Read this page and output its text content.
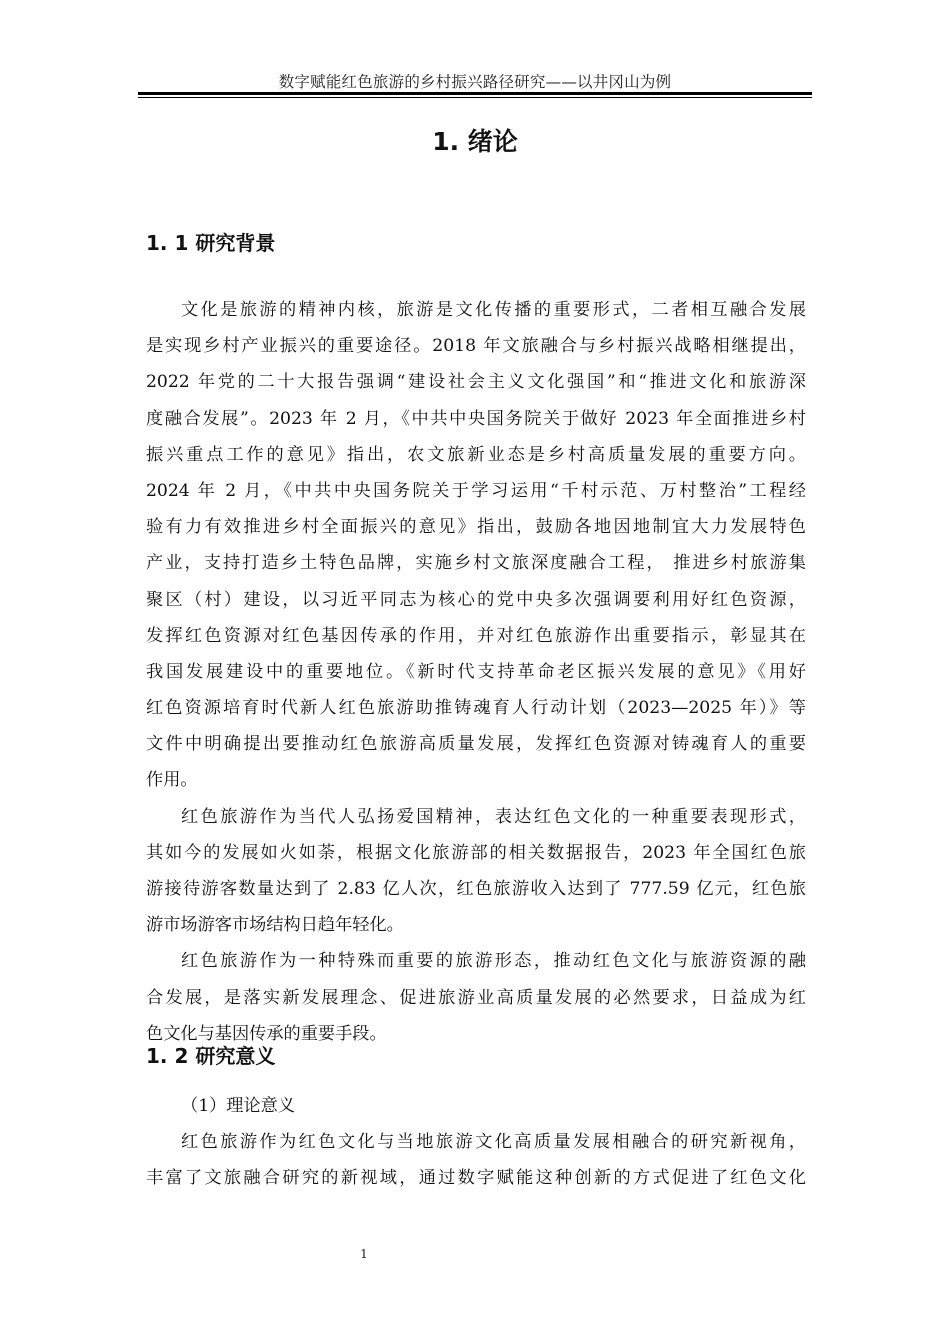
数字赋能红色旅游的乡村振兴路径研究——以井冈山为例
1. 绪论
1. 1 研究背景
文化是旅游的精神内核，旅游是文化传播的重要形式，二者相互融合发展
是实现乡村产业振兴的重要途径。2018 年文旅融合与乡村振兴战略相继提出，
2022 年党的二十大报告强调“建设社会主义文化强国”和“推进文化和旅游深
度融合发展”。2023 年 2 月，《中共中央国务院关于做好 2023 年全面推进乡村
振兴重点工作的意见》指出，农文旅新业态是乡村高质量发展的重要方向。
2024 年 2 月，《中共中央国务院关于学习运用“千村示范、万村整治”工程经
验有力有效推进乡村全面振兴的意见》指出，鼓励各地因地制宜大力发展特色
产业，支持打造乡土特色品牌，实施乡村文旅深度融合工程， 推进乡村旅游集
聚区（村）建设，以习近平同志为核心的党中央多次强调要利用好红色资源，
发挥红色资源对红色基因传承的作用，并对红色旅游作出重要指示，彰显其在
我国发展建设中的重要地位。《新时代支持革命老区振兴发展的意见》《用好
红色资源培育时代新人红色旅游助推铸魂育人行动计划（2023—2025 年）》等
文件中明确提出要推动红色旅游高质量发展，发挥红色资源对铸魂育人的重要
作用。
红色旅游作为当代人弘扬爱国精神，表达红色文化的一种重要表现形式，
其如今的发展如火如荼，根据文化旅游部的相关数据报告，2023 年全国红色旅
游接待游客数量达到了 2.83 亿人次，红色旅游收入达到了 777.59 亿元，红色旅
游市场游客市场结构日趋年轻化。
红色旅游作为一种特殊而重要的旅游形态，推动红色文化与旅游资源的融
合发展，是落实新发展理念、促进旅游业高质量发展的必然要求，日益成为红
色文化与基因传承的重要手段。
1. 2 研究意义
（1）理论意义
红色旅游作为红色文化与当地旅游文化高质量发展相融合的研究新视角，
丰富了文旅融合研究的新视域，通过数字赋能这种创新的方式促进了红色文化
1
